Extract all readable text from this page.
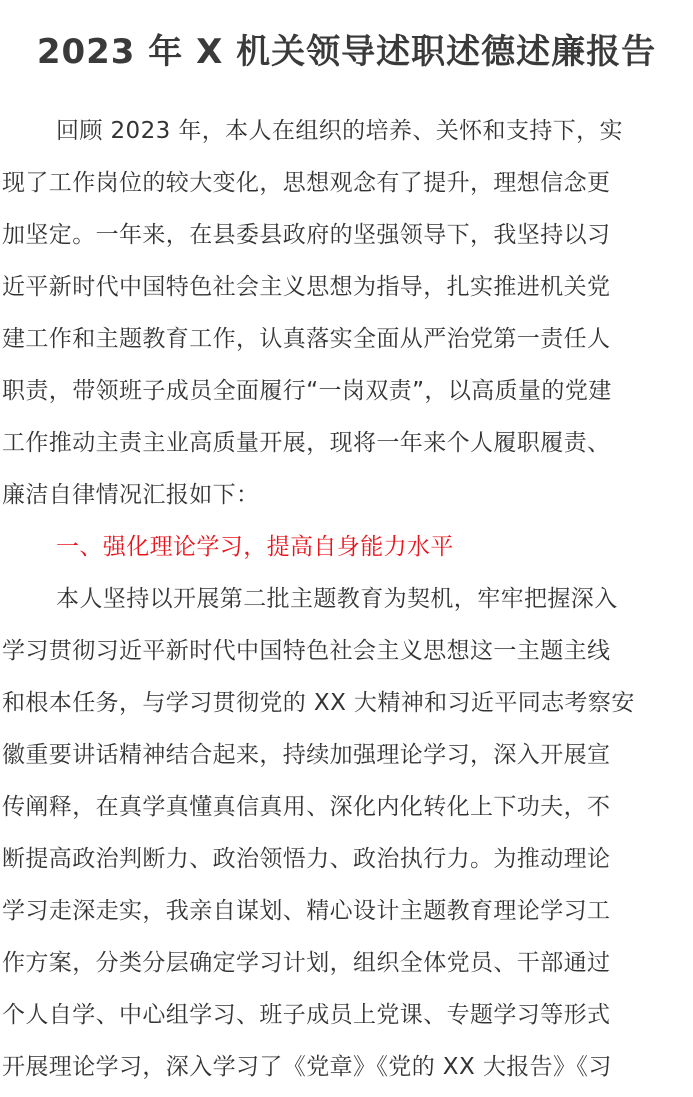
2023 年 X 机关领导述职述德述廉报告
回顾 2023 年，本人在组织的培养、关怀和支持下，实
现了工作岗位的较大变化，思想观念有了提升，理想信念更
加坚定。一年来，在县委县政府的坚强领导下，我坚持以习
近平新时代中国特色社会主义思想为指导，扎实推进机关党
建工作和主题教育工作，认真落实全面从严治党第一责任人
职责，带领班子成员全面履行“一岗双责”，以高质量的党建
工作推动主责主业高质量开展，现将一年来个人履职履责、
廉洁自律情况汇报如下：
一、强化理论学习，提高自身能力水平
本人坚持以开展第二批主题教育为契机，牢牢把握深入
学习贯彻习近平新时代中国特色社会主义思想这一主题主线
和根本任务，与学习贯彻党的 XX 大精神和习近平同志考察安
徽重要讲话精神结合起来，持续加强理论学习，深入开展宣
传阐释，在真学真懂真信真用、深化内化转化上下功夫，不
断提高政治判断力、政治领悟力、政治执行力。为推动理论
学习走深走实，我亲自谋划、精心设计主题教育理论学习工
作方案，分类分层确定学习计划，组织全体党员、干部通过
个人自学、中心组学习、班子成员上党课、专题学习等形式
开展理论学习，深入学习了《党章》《党的 XX 大报告》《习
